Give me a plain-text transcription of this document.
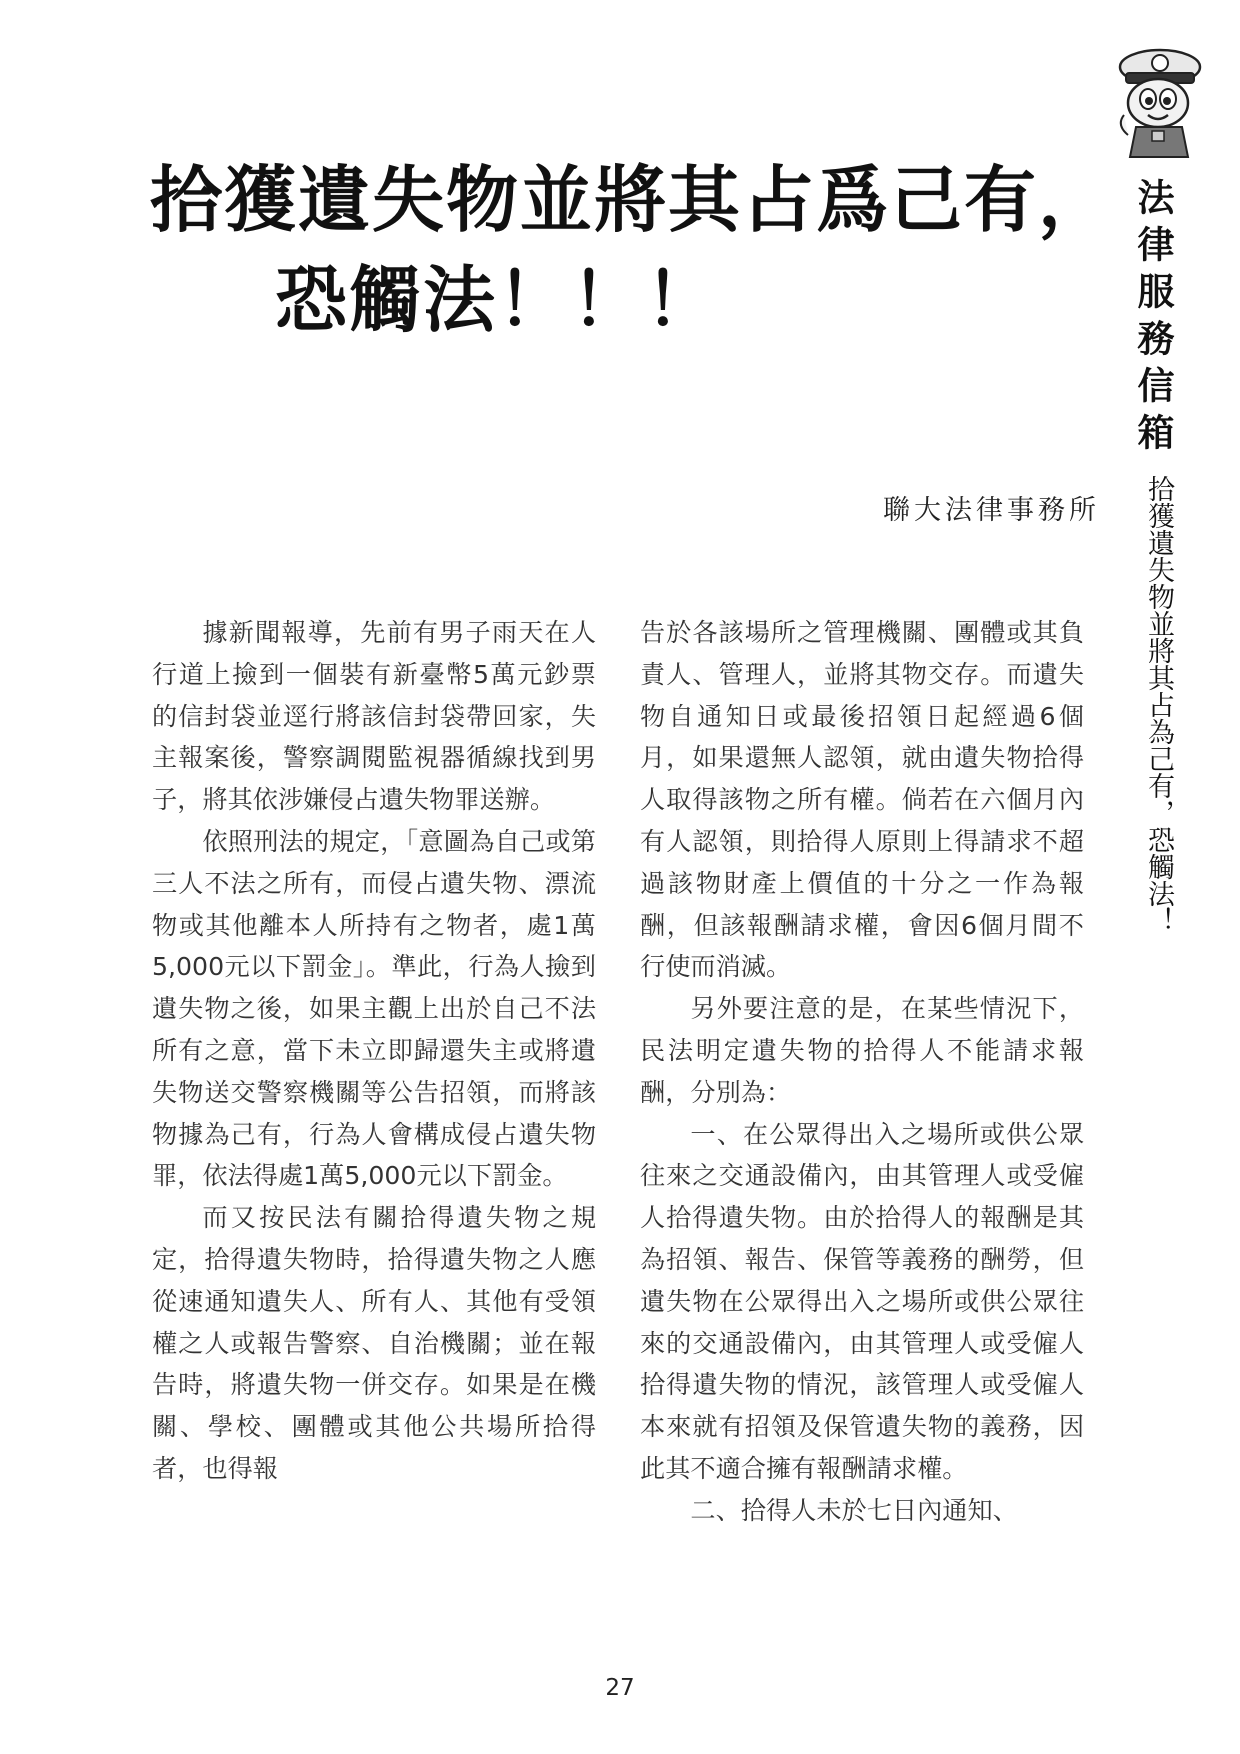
拾獲遺失物並將其占爲己有，
恐觸法！！！
聯大法律事務所

據新聞報導，先前有男子雨天在人行道上撿到一個裝有新臺幣5萬元鈔票的信封袋並逕行將該信封袋帶回家，失主報案後，警察調閱監視器循線找到男子，將其依涉嫌侵占遺失物罪送辦。

依照刑法的規定，「意圖為自己或第三人不法之所有，而侵占遺失物、漂流物或其他離本人所持有之物者，處1萬5,000元以下罰金」。準此，行為人撿到遺失物之後，如果主觀上出於自己不法所有之意，當下未立即歸還失主或將遺失物送交警察機關等公告招領，而將該物據為己有，行為人會構成侵占遺失物罪，依法得處1萬5,000元以下罰金。

而又按民法有關拾得遺失物之規定，拾得遺失物時，拾得遺失物之人應從速通知遺失人、所有人、其他有受領權之人或報告警察、自治機關；並在報告時，將遺失物一併交存。如果是在機關、學校、團體或其他公共場所拾得者，也得報

告於各該場所之管理機關、團體或其負責人、管理人，並將其物交存。而遺失物自通知日或最後招領日起經過6個月，如果還無人認領，就由遺失物拾得人取得該物之所有權。倘若在六個月內有人認領，則拾得人原則上得請求不超過該物財產上價值的十分之一作為報酬，但該報酬請求權，會因6個月間不行使而消滅。

另外要注意的是，在某些情況下，民法明定遺失物的拾得人不能請求報酬，分別為：

一、在公眾得出入之場所或供公眾往來之交通設備內，由其管理人或受僱人拾得遺失物。由於拾得人的報酬是其為招領、報告、保管等義務的酬勞，但遺失物在公眾得出入之場所或供公眾往來的交通設備內，由其管理人或受僱人拾得遺失物的情況，該管理人或受僱人本來就有招領及保管遺失物的義務，因此其不適合擁有報酬請求權。

二、拾得人未於七日內通知、

27
法律服務信箱
拾獲遺失物並將其占為己有，恐觸法！
